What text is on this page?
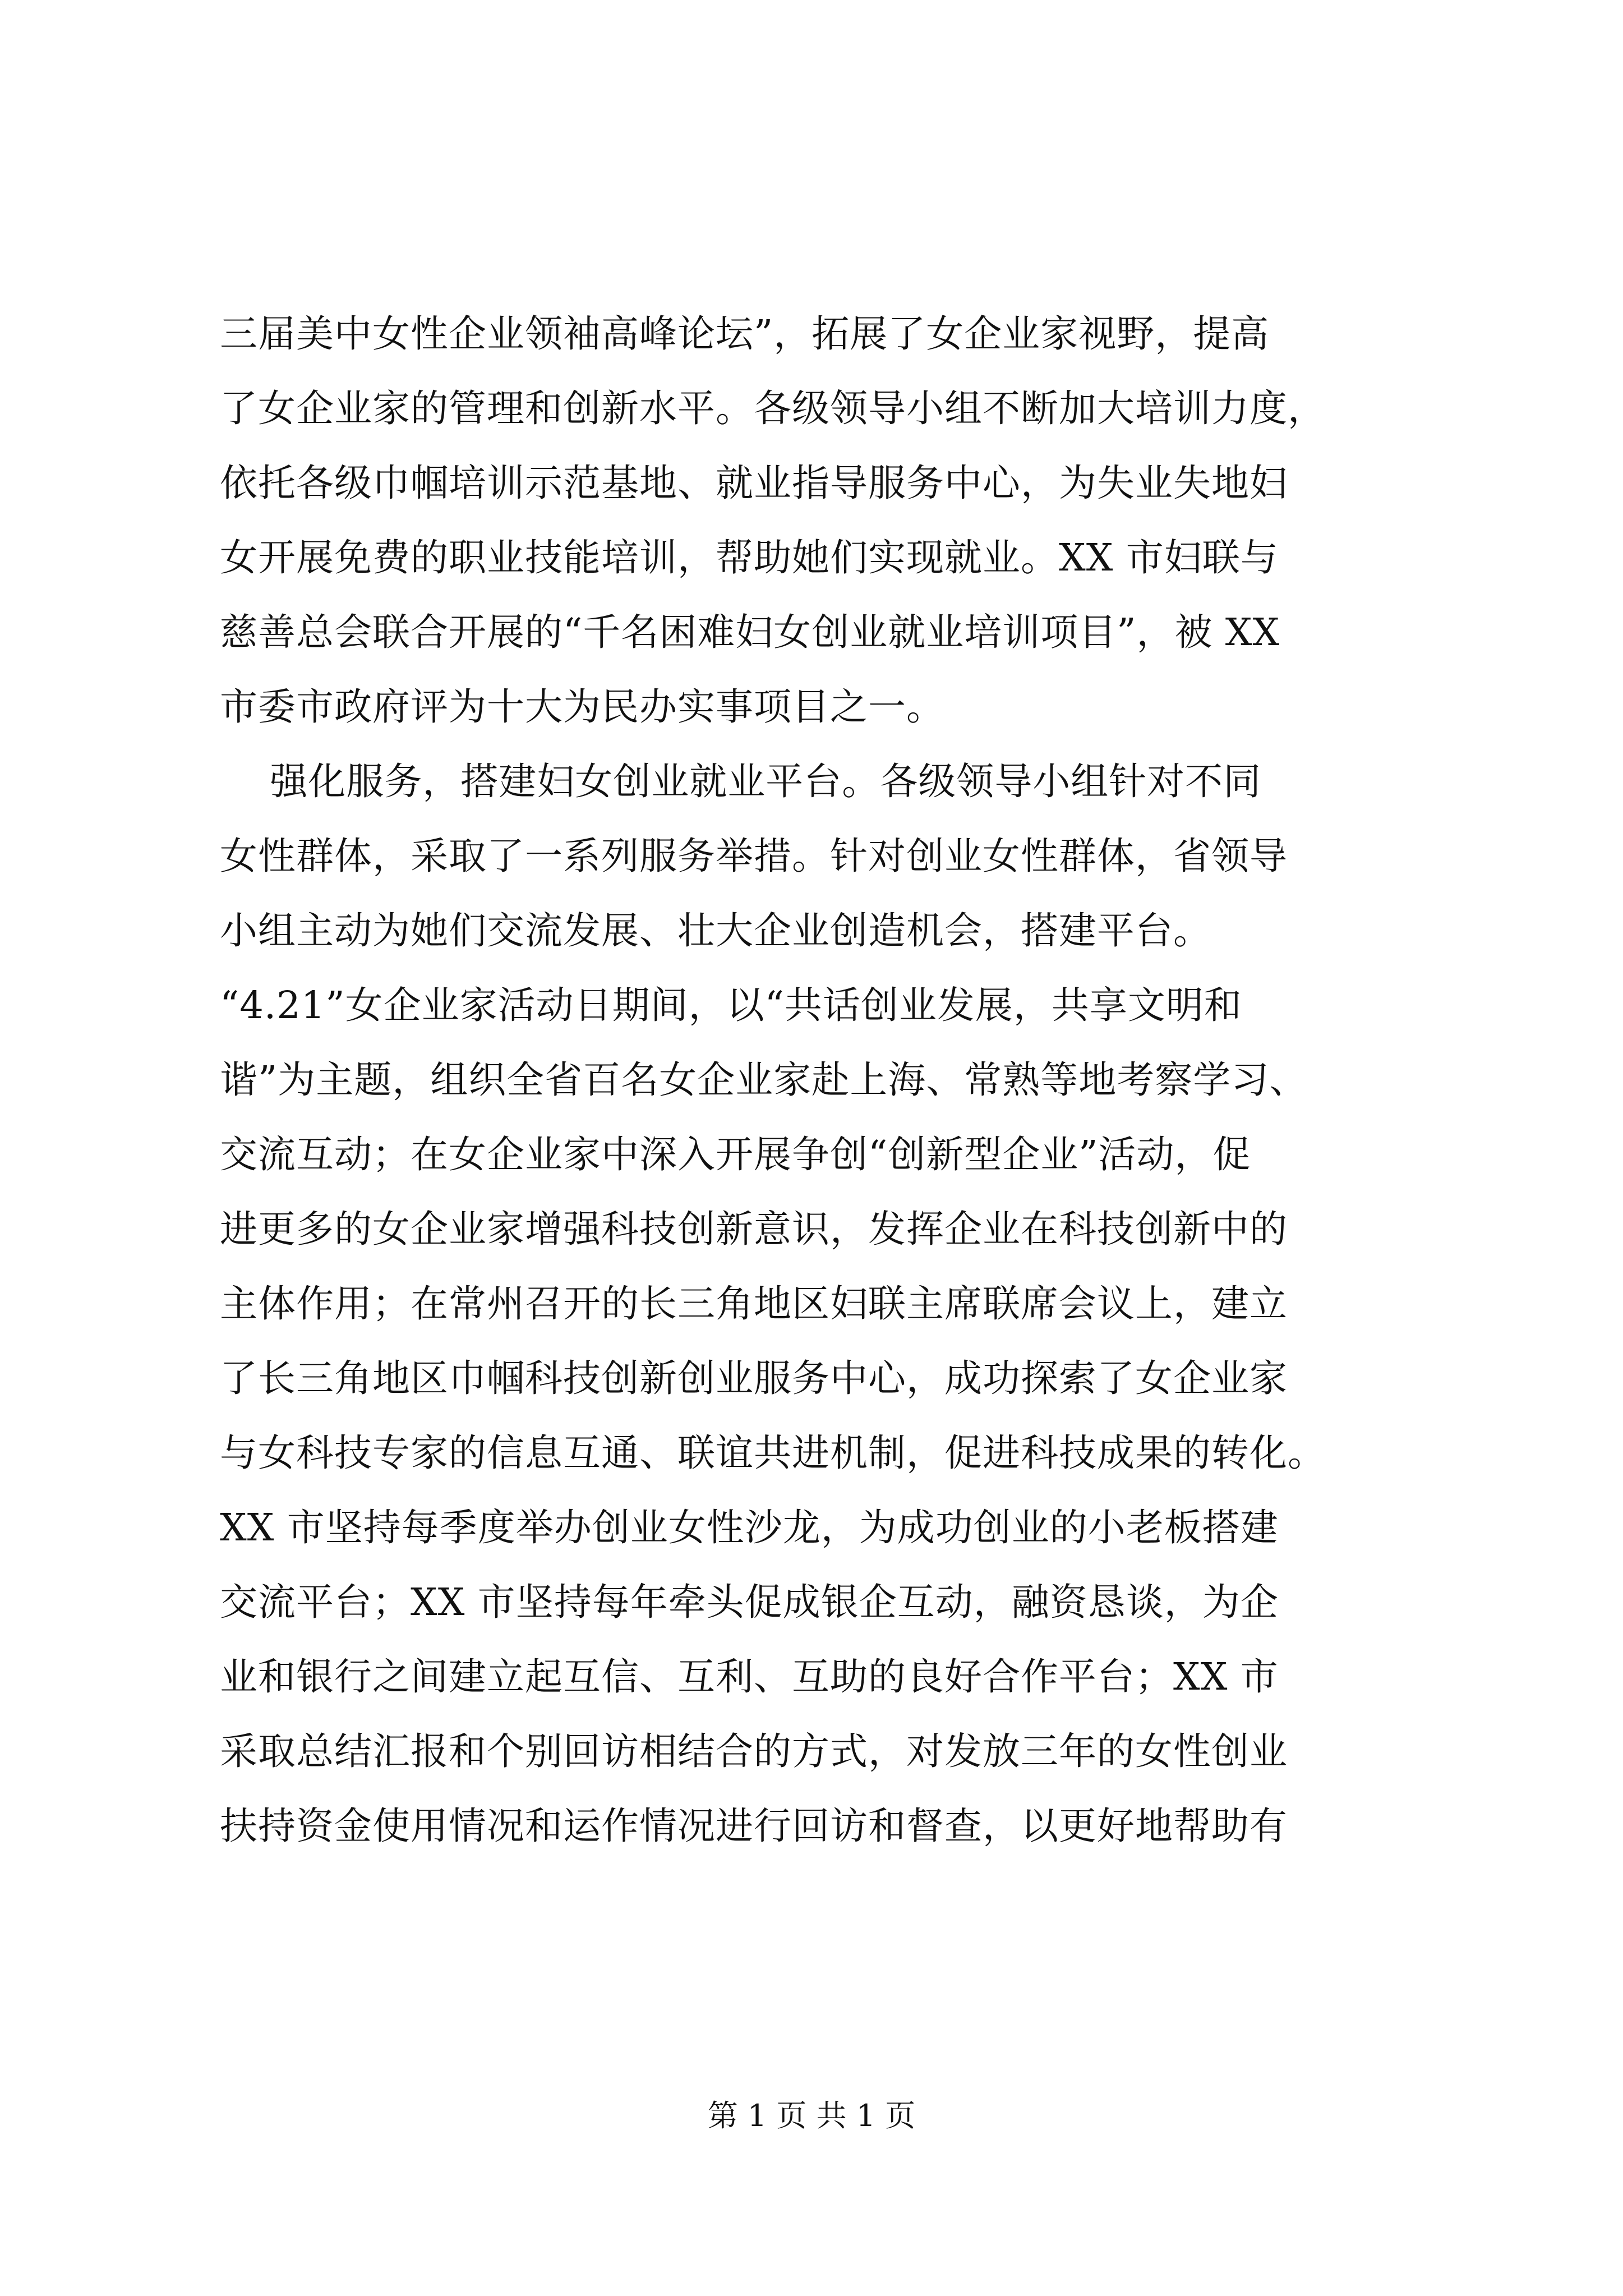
三届美中女性企业领袖高峰论坛”，拓展了女企业家视野，提高
了女企业家的管理和创新水平。各级领导小组不断加大培训力度，
依托各级巾帼培训示范基地、就业指导服务中心，为失业失地妇
女开展免费的职业技能培训，帮助她们实现就业。XX 市妇联与
慈善总会联合开展的“千名困难妇女创业就业培训项目”，被 XX
市委市政府评为十大为民办实事项目之一。
强化服务，搭建妇女创业就业平台。各级领导小组针对不同
女性群体，采取了一系列服务举措。针对创业女性群体，省领导
小组主动为她们交流发展、壮大企业创造机会，搭建平台。
“4.21”女企业家活动日期间，以“共话创业发展，共享文明和
谐”为主题，组织全省百名女企业家赴上海、常熟等地考察学习、
交流互动；在女企业家中深入开展争创“创新型企业”活动，促
进更多的女企业家增强科技创新意识，发挥企业在科技创新中的
主体作用；在常州召开的长三角地区妇联主席联席会议上，建立
了长三角地区巾帼科技创新创业服务中心，成功探索了女企业家
与女科技专家的信息互通、联谊共进机制，促进科技成果的转化。
XX 市坚持每季度举办创业女性沙龙，为成功创业的小老板搭建
交流平台；XX 市坚持每年牵头促成银企互动，融资恳谈，为企
业和银行之间建立起互信、互利、互助的良好合作平台；XX 市
采取总结汇报和个别回访相结合的方式，对发放三年的女性创业
扶持资金使用情况和运作情况进行回访和督查，以更好地帮助有
第 1 页 共 1 页
